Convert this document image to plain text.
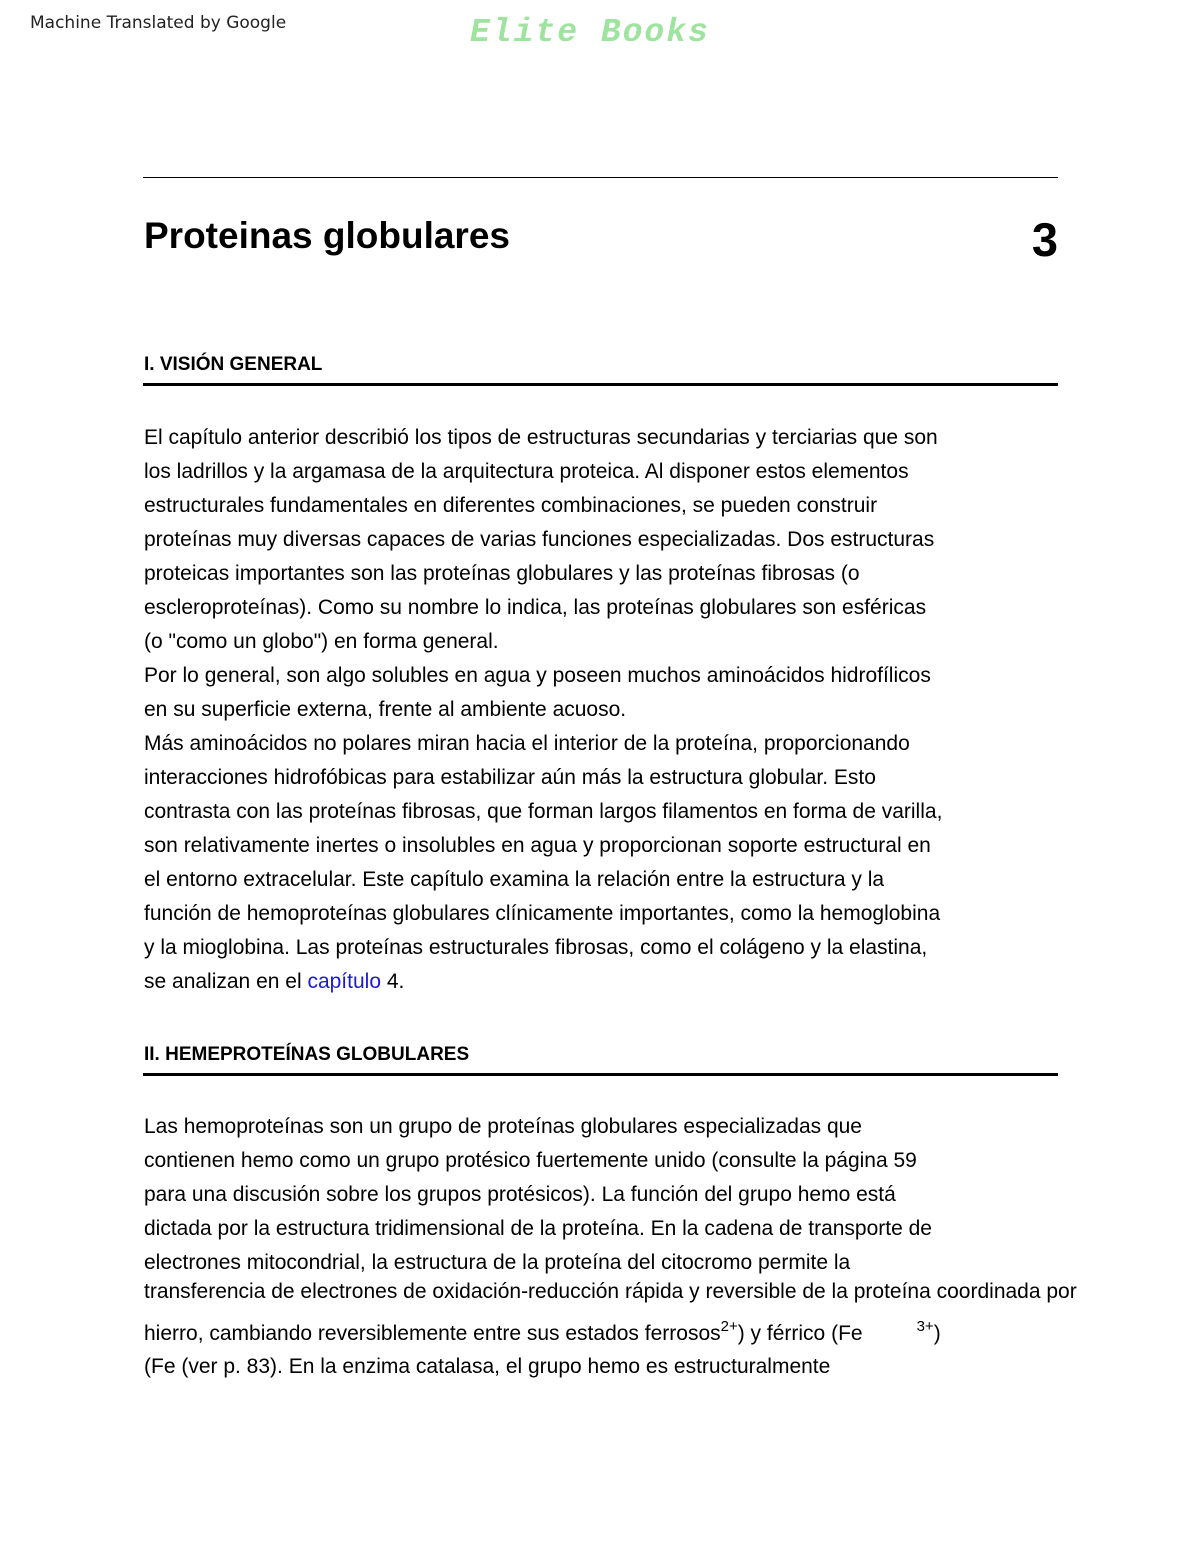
Machine Translated by Google	Elite Books
Proteinas globulares	3
I. VISIÓN GENERAL
El capítulo anterior describió los tipos de estructuras secundarias y terciarias que son
los ladrillos y la argamasa de la arquitectura proteica. Al disponer estos elementos
estructurales fundamentales en diferentes combinaciones, se pueden construir
proteínas muy diversas capaces de varias funciones especializadas. Dos estructuras
proteicas importantes son las proteínas globulares y las proteínas fibrosas (o
escleroproteínas). Como su nombre lo indica, las proteínas globulares son esféricas
(o "como un globo") en forma general.
Por lo general, son algo solubles en agua y poseen muchos aminoácidos hidrofílicos
en su superficie externa, frente al ambiente acuoso.
Más aminoácidos no polares miran hacia el interior de la proteína, proporcionando
interacciones hidrofóbicas para estabilizar aún más la estructura globular. Esto
contrasta con las proteínas fibrosas, que forman largos filamentos en forma de varilla,
son relativamente inertes o insolubles en agua y proporcionan soporte estructural en
el entorno extracelular. Este capítulo examina la relación entre la estructura y la
función de hemoproteínas globulares clínicamente importantes, como la hemoglobina
y la mioglobina. Las proteínas estructurales fibrosas, como el colágeno y la elastina,
se analizan en el capítulo 4.
II. HEMEPROTEÍNAS GLOBULARES
Las hemoproteínas son un grupo de proteínas globulares especializadas que
contienen hemo como un grupo protésico fuertemente unido (consulte la página 59
para una discusión sobre los grupos protésicos). La función del grupo hemo está
dictada por la estructura tridimensional de la proteína. En la cadena de transporte de
electrones mitocondrial, la estructura de la proteína del citocromo permite la
transferencia de electrones de oxidación-reducción rápida y reversible de la proteína coordinada por
hierro, cambiando reversiblemente entre sus estados ferrosos$^{2+}$) y férrico (Fe	$^{3+}$)
(Fe (ver p. 83). En la enzima catalasa, el grupo hemo es estructuralmente
